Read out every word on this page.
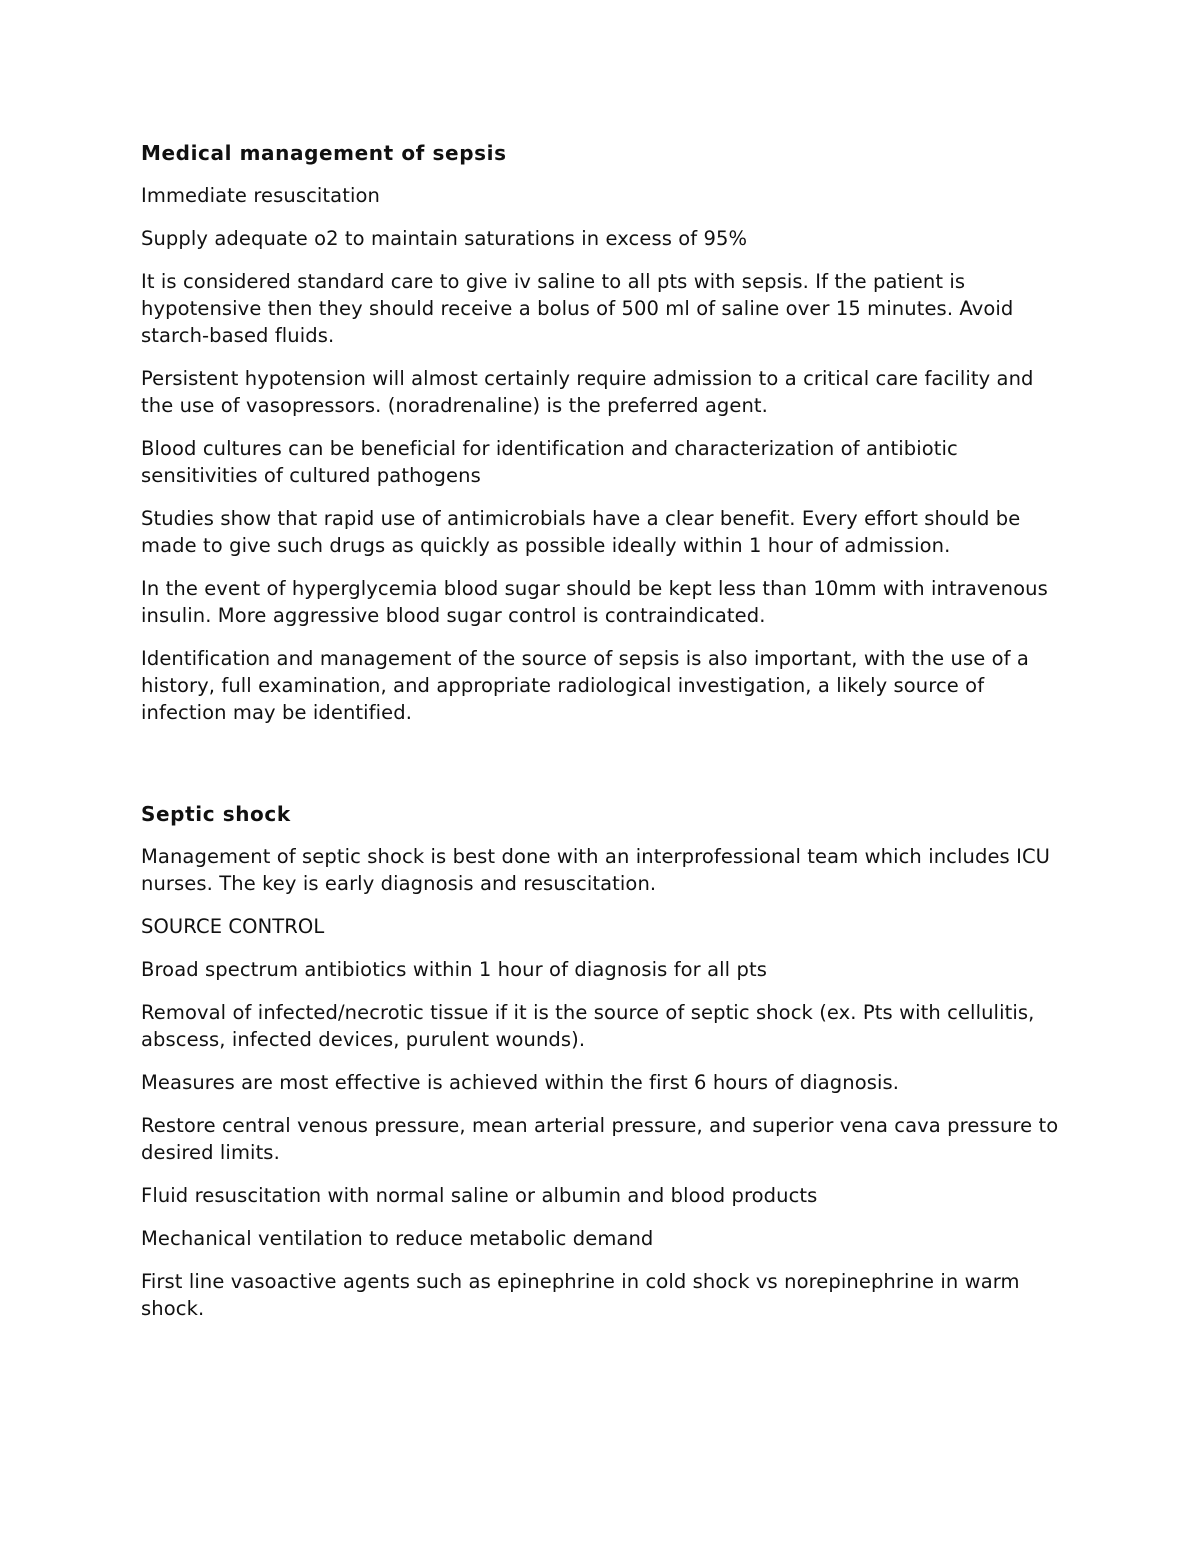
Medical management of sepsis

Immediate resuscitation

Supply adequate o2 to maintain saturations in excess of 95%

It is considered standard care to give iv saline to all pts with sepsis. If the patient is hypotensive then they should receive a bolus of 500 ml of saline over 15 minutes. Avoid starch-based fluids.

Persistent hypotension will almost certainly require admission to a critical care facility and the use of vasopressors. (noradrenaline) is the preferred agent.

Blood cultures can be beneficial for identification and characterization of antibiotic sensitivities of cultured pathogens

Studies show that rapid use of antimicrobials have a clear benefit. Every effort should be made to give such drugs as quickly as possible ideally within 1 hour of admission.

In the event of hyperglycemia blood sugar should be kept less than 10mm with intravenous insulin. More aggressive blood sugar control is contraindicated.

Identification and management of the source of sepsis is also important, with the use of a history, full examination, and appropriate radiological investigation, a likely source of infection may be identified.

Septic shock

Management of septic shock is best done with an interprofessional team which includes ICU nurses. The key is early diagnosis and resuscitation.

SOURCE CONTROL

Broad spectrum antibiotics within 1 hour of diagnosis for all pts

Removal of infected/necrotic tissue if it is the source of septic shock (ex. Pts with cellulitis, abscess, infected devices, purulent wounds).

Measures are most effective is achieved within the first 6 hours of diagnosis.

Restore central venous pressure, mean arterial pressure, and superior vena cava pressure to desired limits.

Fluid resuscitation with normal saline or albumin and blood products

Mechanical ventilation to reduce metabolic demand

First line vasoactive agents such as epinephrine in cold shock vs norepinephrine in warm shock.
